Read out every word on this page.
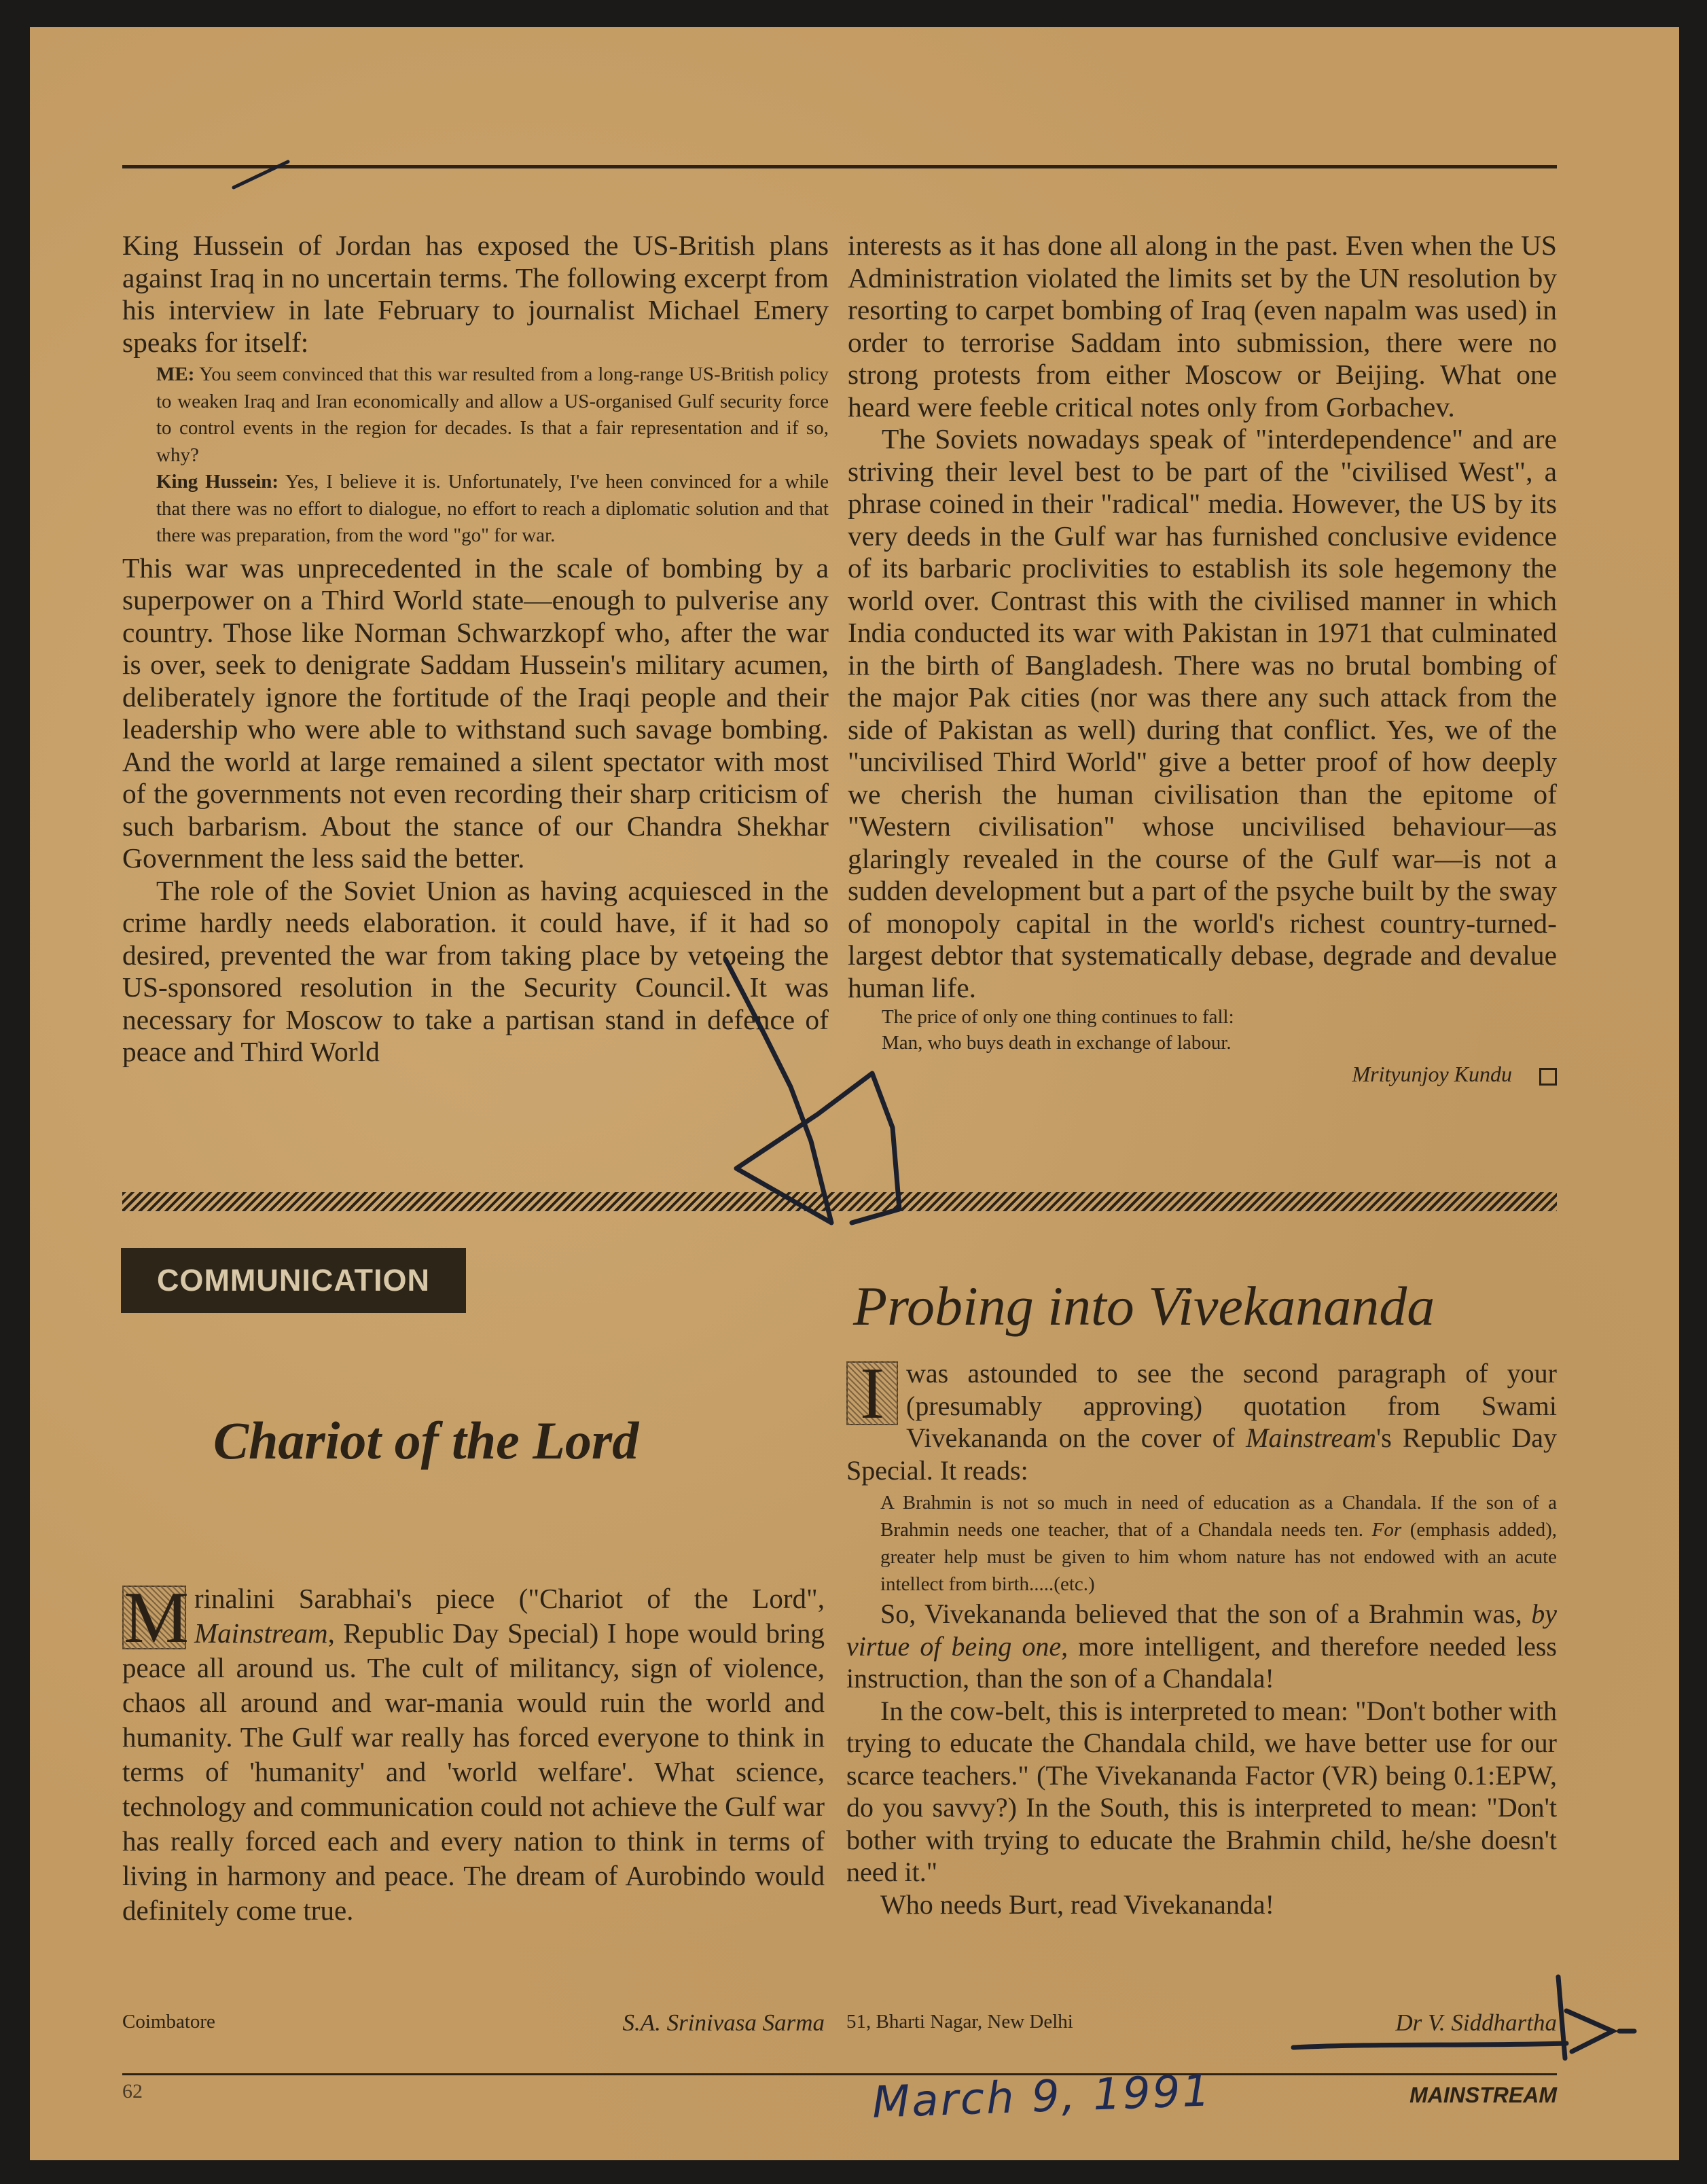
King Hussein of Jordan has exposed the US-British plans against Iraq in no uncertain terms. The following excerpt from his interview in late February to journalist Michael Emery speaks for itself:

ME: You seem convinced that this war resulted from a long-range US-British policy to weaken Iraq and Iran economically and allow a US-organised Gulf security force to control events in the region for decades. Is that a fair representation and if so, why?

King Hussein: Yes, I believe it is. Unfortunately, I've heen convinced for a while that there was no effort to dialogue, no effort to reach a diplomatic solution and that there was preparation, from the word "go" for war.

This war was unprecedented in the scale of bombing by a superpower on a Third World state—enough to pulverise any country. Those like Norman Schwarzkopf who, after the war is over, seek to denigrate Saddam Hussein's military acumen, deliberately ignore the fortitude of the Iraqi people and their leadership who were able to withstand such savage bombing. And the world at large remained a silent spectator with most of the governments not even recording their sharp criticism of such barbarism. About the stance of our Chandra Shekhar Government the less said the better.

The role of the Soviet Union as having acquiesced in the crime hardly needs elaboration. it could have, if it had so desired, prevented the war from taking place by vetoeing the US-sponsored resolution in the Security Council. It was necessary for Moscow to take a partisan stand in defence of peace and Third World

interests as it has done all along in the past. Even when the US Administration violated the limits set by the UN resolution by resorting to carpet bombing of Iraq (even napalm was used) in order to terrorise Saddam into submission, there were no strong protests from either Moscow or Beijing. What one heard were feeble critical notes only from Gorbachev.

The Soviets nowadays speak of "interdependence" and are striving their level best to be part of the "civilised West", a phrase coined in their "radical" media. However, the US by its very deeds in the Gulf war has furnished conclusive evidence of its barbaric proclivities to establish its sole hegemony the world over. Contrast this with the civilised manner in which India conducted its war with Pakistan in 1971 that culminated in the birth of Bangladesh. There was no brutal bombing of the major Pak cities (nor was there any such attack from the side of Pakistan as well) during that conflict. Yes, we of the "uncivilised Third World" give a better proof of how deeply we cherish the human civilisation than the epitome of "Western civilisation" whose uncivilised behaviour—as glaringly revealed in the course of the Gulf war—is not a sudden development but a part of the psyche built by the sway of monopoly capital in the world's richest country-turned-largest debtor that systematically debase, degrade and devalue human life.

The price of only one thing continues to fall:

Man, who buys death in exchange of labour.

Mrityunjoy Kundu

COMMUNICATION
Chariot of the Lord
Probing into Vivekananda

M rinalini Sarabhai's piece ("Chariot of the Lord", Mainstream, Republic Day Special) I hope would bring peace all around us. The cult of militancy, sign of violence, chaos all around and war-mania would ruin the world and humanity. The Gulf war really has forced everyone to think in terms of 'humanity' and 'world welfare'. What science, technology and communication could not achieve the Gulf war has really forced each and every nation to think in terms of living in harmony and peace. The dream of Aurobindo would definitely come true.

Coimbatore	S.A. Srinivasa Sarma

I was astounded to see the second paragraph of your (presumably approving) quotation from Swami Vivekananda on the cover of Mainstream's Republic Day Special. It reads:

A Brahmin is not so much in need of education as a Chandala. If the son of a Brahmin needs one teacher, that of a Chandala needs ten. For (emphasis added), greater help must be given to him whom nature has not endowed with an acute intellect from birth.....(etc.)

So, Vivekananda believed that the son of a Brahmin was, by virtue of being one, more intelligent, and therefore needed less instruction, than the son of a Chandala!

In the cow-belt, this is interpreted to mean: "Don't bother with trying to educate the Chandala child, we have better use for our scarce teachers." (The Vivekananda Factor (VR) being 0.1:EPW, do you savvy?) In the South, this is interpreted to mean: "Don't bother with trying to educate the Brahmin child, he/she doesn't need it."

Who needs Burt, read Vivekananda!

51, Bharti Nagar, New Delhi	Dr V. Siddhartha
62	March 9, 1991	MAINSTREAM
